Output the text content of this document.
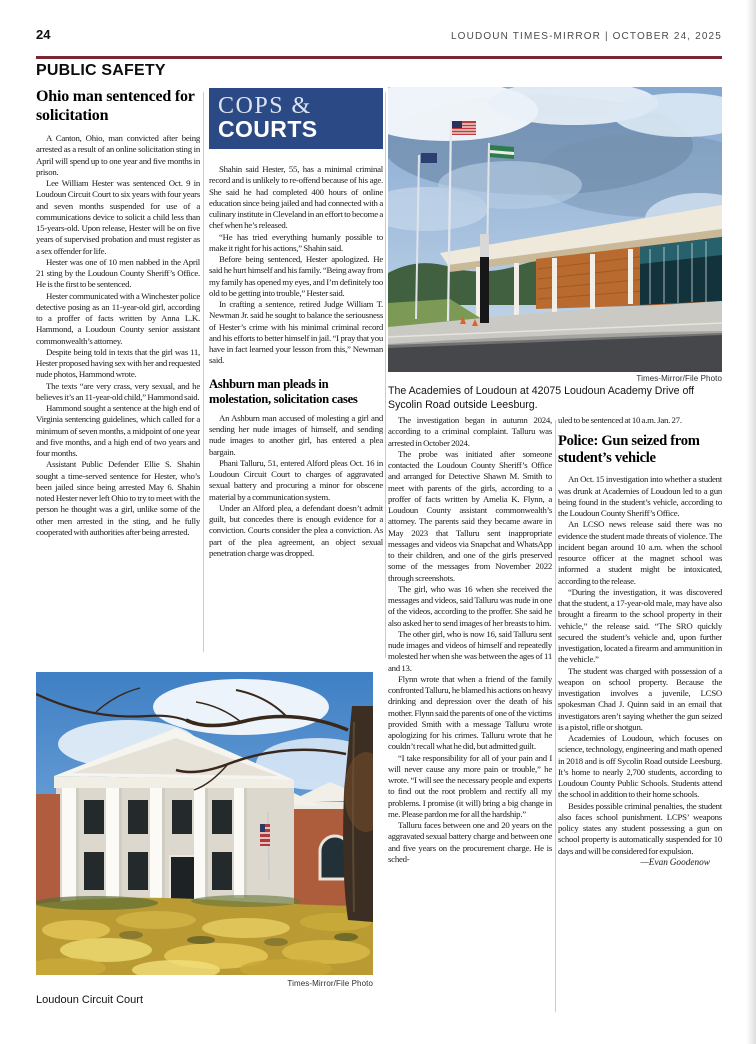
24	LOUDOUN TIMES-MIRROR | OCTOBER 24, 2025
PUBLIC SAFETY
Ohio man sentenced for solicitation

A Canton, Ohio, man convicted after being arrested as a result of an online solicitation sting in April will spend up to one year and five months in prison.

Lee William Hester was sentenced Oct. 9 in Loudoun Circuit Court to six years with four years and seven months suspended for use of a communications device to solicit a child less than 15-years-old. Upon release, Hester will be on five years of supervised probation and must register as a sex offender for life.

Hester was one of 10 men nabbed in the April 21 sting by the Loudoun County Sheriff’s Office. He is the first to be sentenced.

Hester communicated with a Winchester police detective posing as an 11-year-old girl, according to a proffer of facts written by Anna L.K. Hammond, a Loudoun County senior assistant commonwealth’s attorney.

Despite being told in texts that the girl was 11, Hester proposed having sex with her and requested nude photos, Hammond wrote.

The texts “are very crass, very sexual, and he believes it’s an 11-year-old child,” Hammond said.

Hammond sought a sentence at the high end of Virginia sentencing guidelines, which called for a minimum of seven months, a midpoint of one year and five months, and a high end of two years and four months.

Assistant Public Defender Ellie S. Shahin sought a time-served sentence for Hester, who’s been jailed since being arrested May 6. Shahin noted Hester never left Ohio to try to meet with the person he thought was a girl, unlike some of the other men arrested in the sting, and he fully cooperated with authorities after being arrested.

COPS &
COURTS

Shahin said Hester, 55, has a minimal criminal record and is unlikely to re-offend because of his age. She said he had completed 400 hours of online education since being jailed and had connected with a culinary institute in Cleveland in an effort to become a chef when he’s released.

“He has tried everything humanly possible to make it right for his actions,” Shahin said.

Before being sentenced, Hester apologized. He said he hurt himself and his family. “Being away from my family has opened my eyes, and I’m definitely too old to be getting into trouble,” Hester said.

In crafting a sentence, retired Judge William T. Newman Jr. said he sought to balance the seriousness of Hester’s crime with his minimal criminal record and his efforts to better himself in jail. “I pray that you have in fact learned your lesson from this,” Newman said.

Ashburn man pleads in molestation, solicitation cases

An Ashburn man accused of molesting a girl and sending her nude images of himself, and sending nude images to another girl, has entered a plea bargain.

Phani Talluru, 51, entered Alford pleas Oct. 16 in Loudoun Circuit Court to charges of aggravated sexual battery and procuring a minor for obscene material by a communication system.

Under an Alford plea, a defendant doesn’t admit guilt, but concedes there is enough evidence for a conviction. Courts consider the plea a conviction. As part of the plea agreement, an object sexual penetration charge was dropped.

Times-Mirror/File Photo
The Academies of Loudoun at 42075 Loudoun Academy Drive off Sycolin Road outside Leesburg.

The investigation began in autumn 2024, according to a criminal complaint. Talluru was arrested in October 2024.

The probe was initiated after someone contacted the Loudoun County Sheriff’s Office and arranged for Detective Shawn M. Smith to meet with parents of the girls, according to a proffer of facts written by Amelia K. Flynn, a Loudoun County assistant commonwealth’s attorney. The parents said they became aware in May 2023 that Talluru sent inappropriate messages and videos via Snapchat and WhatsApp to their children, and one of the girls preserved some of the messages from November 2022 through screenshots.

The girl, who was 16 when she received the messages and videos, said Talluru was nude in one of the videos, according to the proffer. She said he also asked her to send images of her breasts to him.

The other girl, who is now 16, said Talluru sent nude images and videos of himself and repeatedly molested her when she was between the ages of 11 and 13.

Flynn wrote that when a friend of the family confronted Talluru, he blamed his actions on heavy drinking and depression over the death of his mother. Flynn said the parents of one of the victims provided Smith with a message Talluru wrote apologizing for his crimes. Talluru wrote that he couldn’t recall what he did, but admitted guilt.

“I take responsibility for all of your pain and I will never cause any more pain or trouble,” he wrote. “I will see the necessary people and experts to find out the root problem and rectify all my problems. I promise (it will) bring a big change in me. Please pardon me for all the hardship.”

Talluru faces between one and 20 years on the aggravated sexual battery charge and between one and five years on the procurement charge. He is sched-

uled to be sentenced at 10 a.m. Jan. 27.

Police: Gun seized from student’s vehicle

An Oct. 15 investigation into whether a student was drunk at Academies of Loudoun led to a gun being found in the student’s vehicle, according to the Loudoun County Sheriff’s Office.

An LCSO news release said there was no evidence the student made threats of violence. The incident began around 10 a.m. when the school resource officer at the magnet school was informed a student might be intoxicated, according to the release.

“During the investigation, it was discovered that the student, a 17-year-old male, may have also brought a firearm to the school property in their vehicle,” the release said. “The SRO quickly secured the student’s vehicle and, upon further investigation, located a firearm and ammunition in the vehicle.”

The student was charged with possession of a weapon on school property. Because the investigation involves a juvenile, LCSO spokesman Chad J. Quinn said in an email that investigators aren’t saying whether the gun seized is a pistol, rifle or shotgun.

Academies of Loudoun, which focuses on science, technology, engineering and math opened in 2018 and is off Sycolin Road outside Leesburg. It’s home to nearly 2,700 students, according to Loudoun County Public Schools. Students attend the school in addition to their home schools.

Besides possible criminal penalties, the student also faces school punishment. LCPS’ weapons policy states any student possessing a gun on school property is automatically suspended for 10 days and will be considered for expulsion.

—Evan Goodenow

Times-Mirror/File Photo
Loudoun Circuit Court
